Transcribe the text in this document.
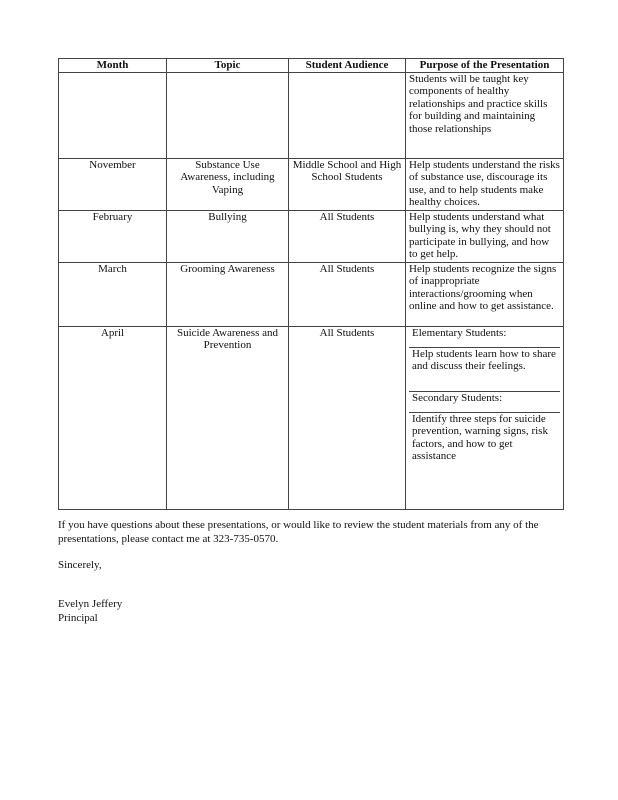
Month	Topic	Student Audience	Purpose of the Presentation
			Students will be taught key components of healthy relationships and practice skills for building and maintaining those relationships
November	Substance Use Awareness, including Vaping	Middle School and High School Students	Help students understand the risks of substance use, discourage its use, and to help students make healthy choices.
February	Bullying	All Students	Help students understand what bullying is, why they should not participate in bullying, and how to get help.
March	Grooming Awareness	All Students	Help students recognize the signs of inappropriate interactions/grooming when online and how to get assistance.
April	Suicide Awareness and Prevention	All Students	Elementary Students:
Help students learn how to share and discuss their feelings.
Secondary Students:
Identify three steps for suicide prevention, warning signs, risk factors, and how to get assistance

If you have questions about these presentations, or would like to review the student materials from any of the presentations, please contact me at 323-735-0570.

Sincerely,
Evelyn Jeffery
Principal
